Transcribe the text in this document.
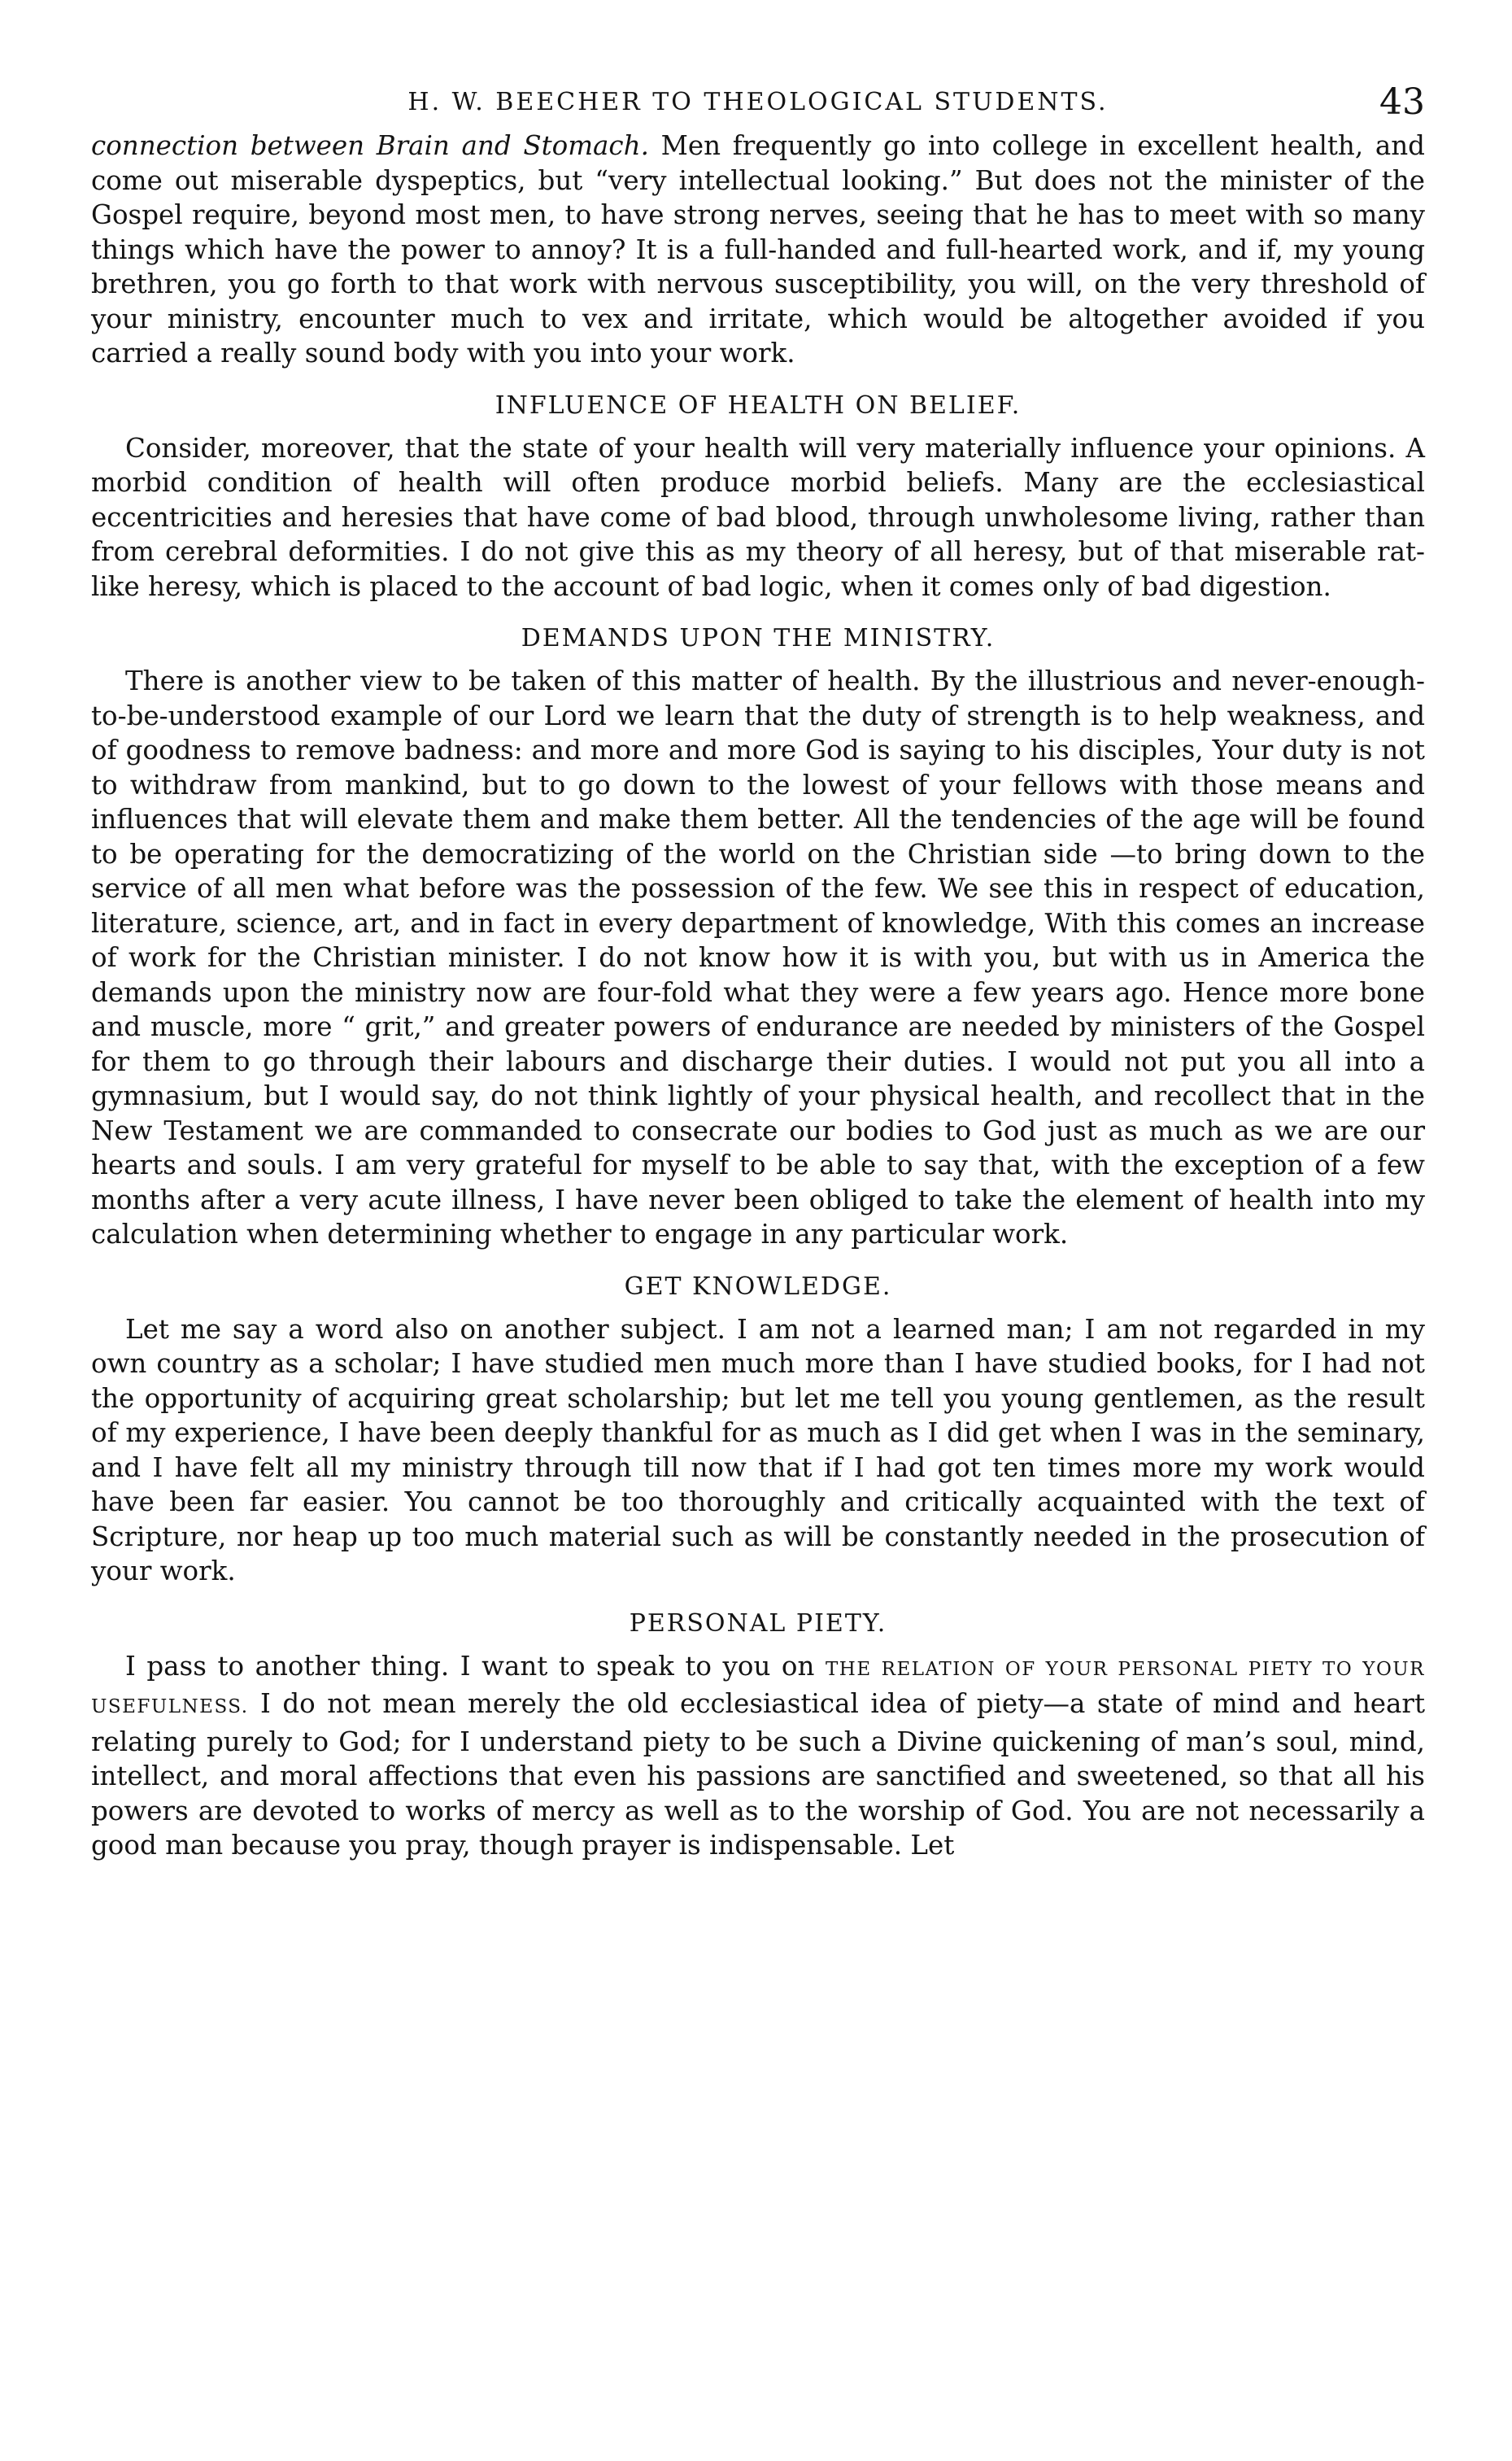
H. W. BEECHER TO THEOLOGICAL STUDENTS.	43

connection between Brain and Stomach. Men frequently go into college in excellent health, and come out miserable dyspeptics, but “very intellectual looking.” But does not the minister of the Gospel require, beyond most men, to have strong nerves, seeing that he has to meet with so many things which have the power to annoy? It is a full-handed and full-hearted work, and if, my young brethren, you go forth to that work with nervous susceptibility, you will, on the very threshold of your ministry, encounter much to vex and irritate, which would be altogether avoided if you carried a really sound body with you into your work.

INFLUENCE OF HEALTH ON BELIEF.

Consider, moreover, that the state of your health will very materially influence your opinions. A morbid condition of health will often produce morbid beliefs. Many are the ecclesiastical eccentricities and heresies that have come of bad blood, through unwholesome living, rather than from cerebral deformities. I do not give this as my theory of all heresy, but of that miserable rat-like heresy, which is placed to the account of bad logic, when it comes only of bad digestion.

DEMANDS UPON THE MINISTRY.

There is another view to be taken of this matter of health. By the illustrious and never-enough-to-be-understood example of our Lord we learn that the duty of strength is to help weakness, and of goodness to remove badness: and more and more God is saying to his disciples, Your duty is not to withdraw from mankind, but to go down to the lowest of your fellows with those means and influences that will elevate them and make them better. All the tendencies of the age will be found to be operating for the democratizing of the world on the Christian side —to bring down to the service of all men what before was the possession of the few. We see this in respect of education, literature, science, art, and in fact in every department of knowledge, With this comes an increase of work for the Christian minister. I do not know how it is with you, but with us in America the demands upon the ministry now are four-fold what they were a few years ago. Hence more bone and muscle, more “ grit,” and greater powers of endurance are needed by ministers of the Gospel for them to go through their labours and discharge their duties. I would not put you all into a gymnasium, but I would say, do not think lightly of your physical health, and recollect that in the New Testament we are commanded to consecrate our bodies to God just as much as we are our hearts and souls. I am very grateful for myself to be able to say that, with the exception of a few months after a very acute illness, I have never been obliged to take the element of health into my calculation when determining whether to engage in any particular work.

GET KNOWLEDGE.

Let me say a word also on another subject. I am not a learned man; I am not regarded in my own country as a scholar; I have studied men much more than I have studied books, for I had not the opportunity of acquiring great scholarship; but let me tell you young gentlemen, as the result of my experience, I have been deeply thankful for as much as I did get when I was in the seminary, and I have felt all my ministry through till now that if I had got ten times more my work would have been far easier. You cannot be too thoroughly and critically acquainted with the text of Scripture, nor heap up too much material such as will be constantly needed in the prosecution of your work.

PERSONAL PIETY.

I pass to another thing. I want to speak to you on THE RELATION OF YOUR PERSONAL PIETY TO YOUR USEFULNESS. I do not mean merely the old ecclesiastical idea of piety—a state of mind and heart relating purely to God; for I understand piety to be such a Divine quickening of man’s soul, mind, intellect, and moral affections that even his passions are sanctified and sweetened, so that all his powers are devoted to works of mercy as well as to the worship of God. You are not necessarily a good man because you pray, though prayer is indispensable. Let
